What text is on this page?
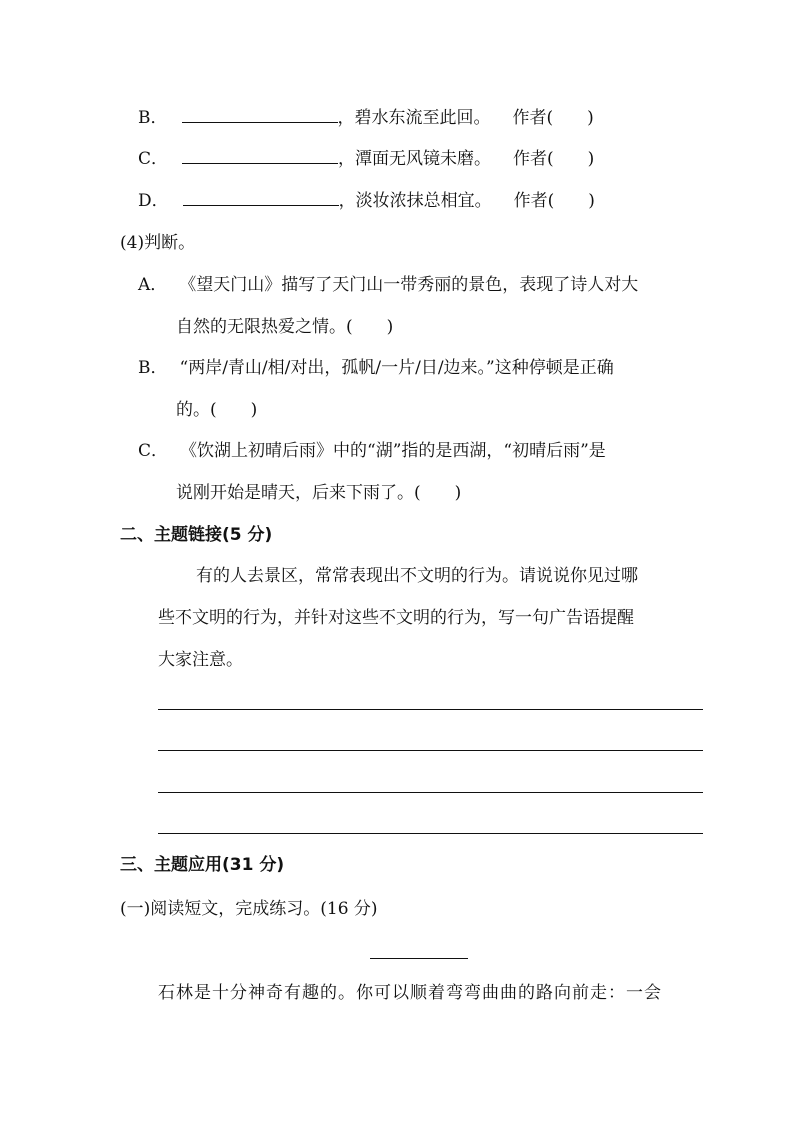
B．	，碧水东流至此回。 作者(　　)
C．	，潭面无风镜未磨。 作者(　　)
D．	，淡妆浓抹总相宜。 作者(　　)
(4)判断。
A． 《望天门山》描写了天门山一带秀丽的景色，表现了诗人对大
自然的无限热爱之情。(　　)
B． “两岸/青山/相/对出，孤帆/一片/日/边来。”这种停顿是正确
的。(　　)
C． 《饮湖上初晴后雨》中的“湖”指的是西湖，“初晴后雨”是
说刚开始是晴天，后来下雨了。(　　)
二、主题链接(5 分)
有的人去景区，常常表现出不文明的行为。请说说你见过哪
些不文明的行为，并针对这些不文明的行为，写一句广告语提醒
大家注意。
三、主题应用(31 分)
(一)阅读短文，完成练习。(16 分)
石林是十分神奇有趣的。你可以顺着弯弯曲曲的路向前走：一会
